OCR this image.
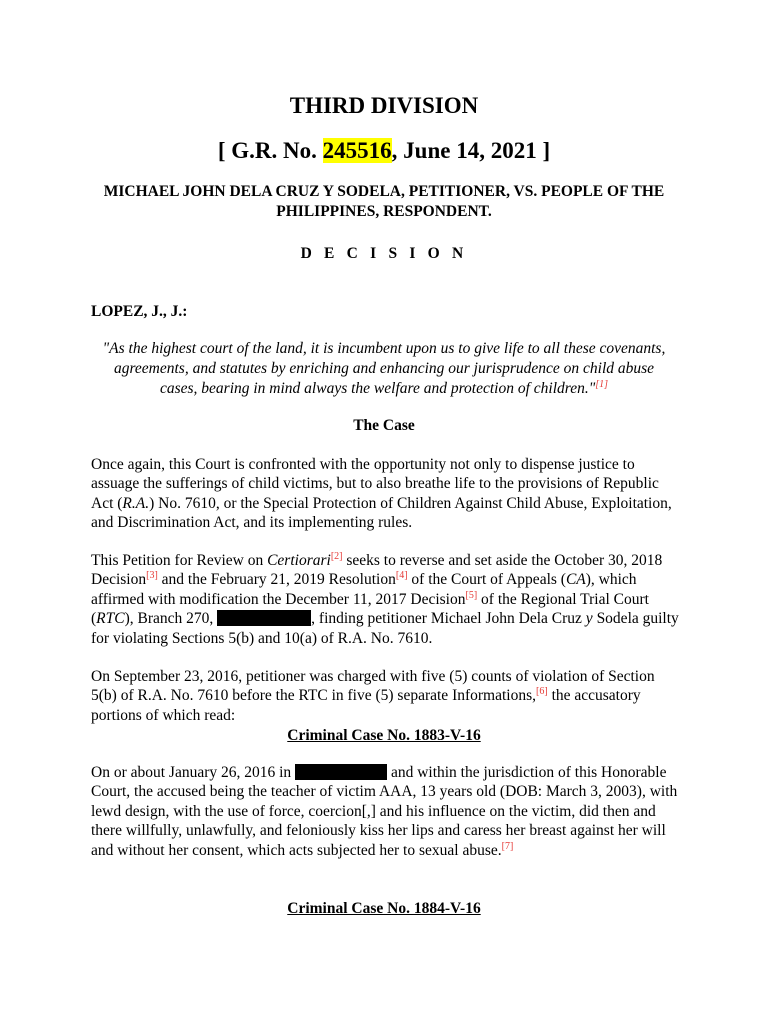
THIRD DIVISION
[ G.R. No. 245516, June 14, 2021 ]
MICHAEL JOHN DELA CRUZ Y SODELA, PETITIONER, VS. PEOPLE OF THE PHILIPPINES, RESPONDENT.
D E C I S I O N
LOPEZ, J., J.:
"As the highest court of the land, it is incumbent upon us to give life to all these covenants, agreements, and statutes by enriching and enhancing our jurisprudence on child abuse cases, bearing in mind always the welfare and protection of children."[1]
The Case
Once again, this Court is confronted with the opportunity not only to dispense justice to assuage the sufferings of child victims, but to also breathe life to the provisions of Republic Act (R.A.) No. 7610, or the Special Protection of Children Against Child Abuse, Exploitation, and Discrimination Act, and its implementing rules.
This Petition for Review on Certiorari[2] seeks to reverse and set aside the October 30, 2018 Decision[3] and the February 21, 2019 Resolution[4] of the Court of Appeals (CA), which affirmed with modification the December 11, 2017 Decision[5] of the Regional Trial Court (RTC), Branch 270,	, finding petitioner Michael John Dela Cruz y Sodela guilty for violating Sections 5(b) and 10(a) of R.A. No. 7610.
On September 23, 2016, petitioner was charged with five (5) counts of violation of Section 5(b) of R.A. No. 7610 before the RTC in five (5) separate Informations,[6] the accusatory portions of which read:
Criminal Case No. 1883-V-16
On or about January 26, 2016 in	and within the jurisdiction of this Honorable Court, the accused being the teacher of victim AAA, 13 years old (DOB: March 3, 2003), with lewd design, with the use of force, coercion[,] and his influence on the victim, did then and there willfully, unlawfully, and feloniously kiss her lips and caress her breast against her will and without her consent, which acts subjected her to sexual abuse.[7]
Criminal Case No. 1884-V-16
